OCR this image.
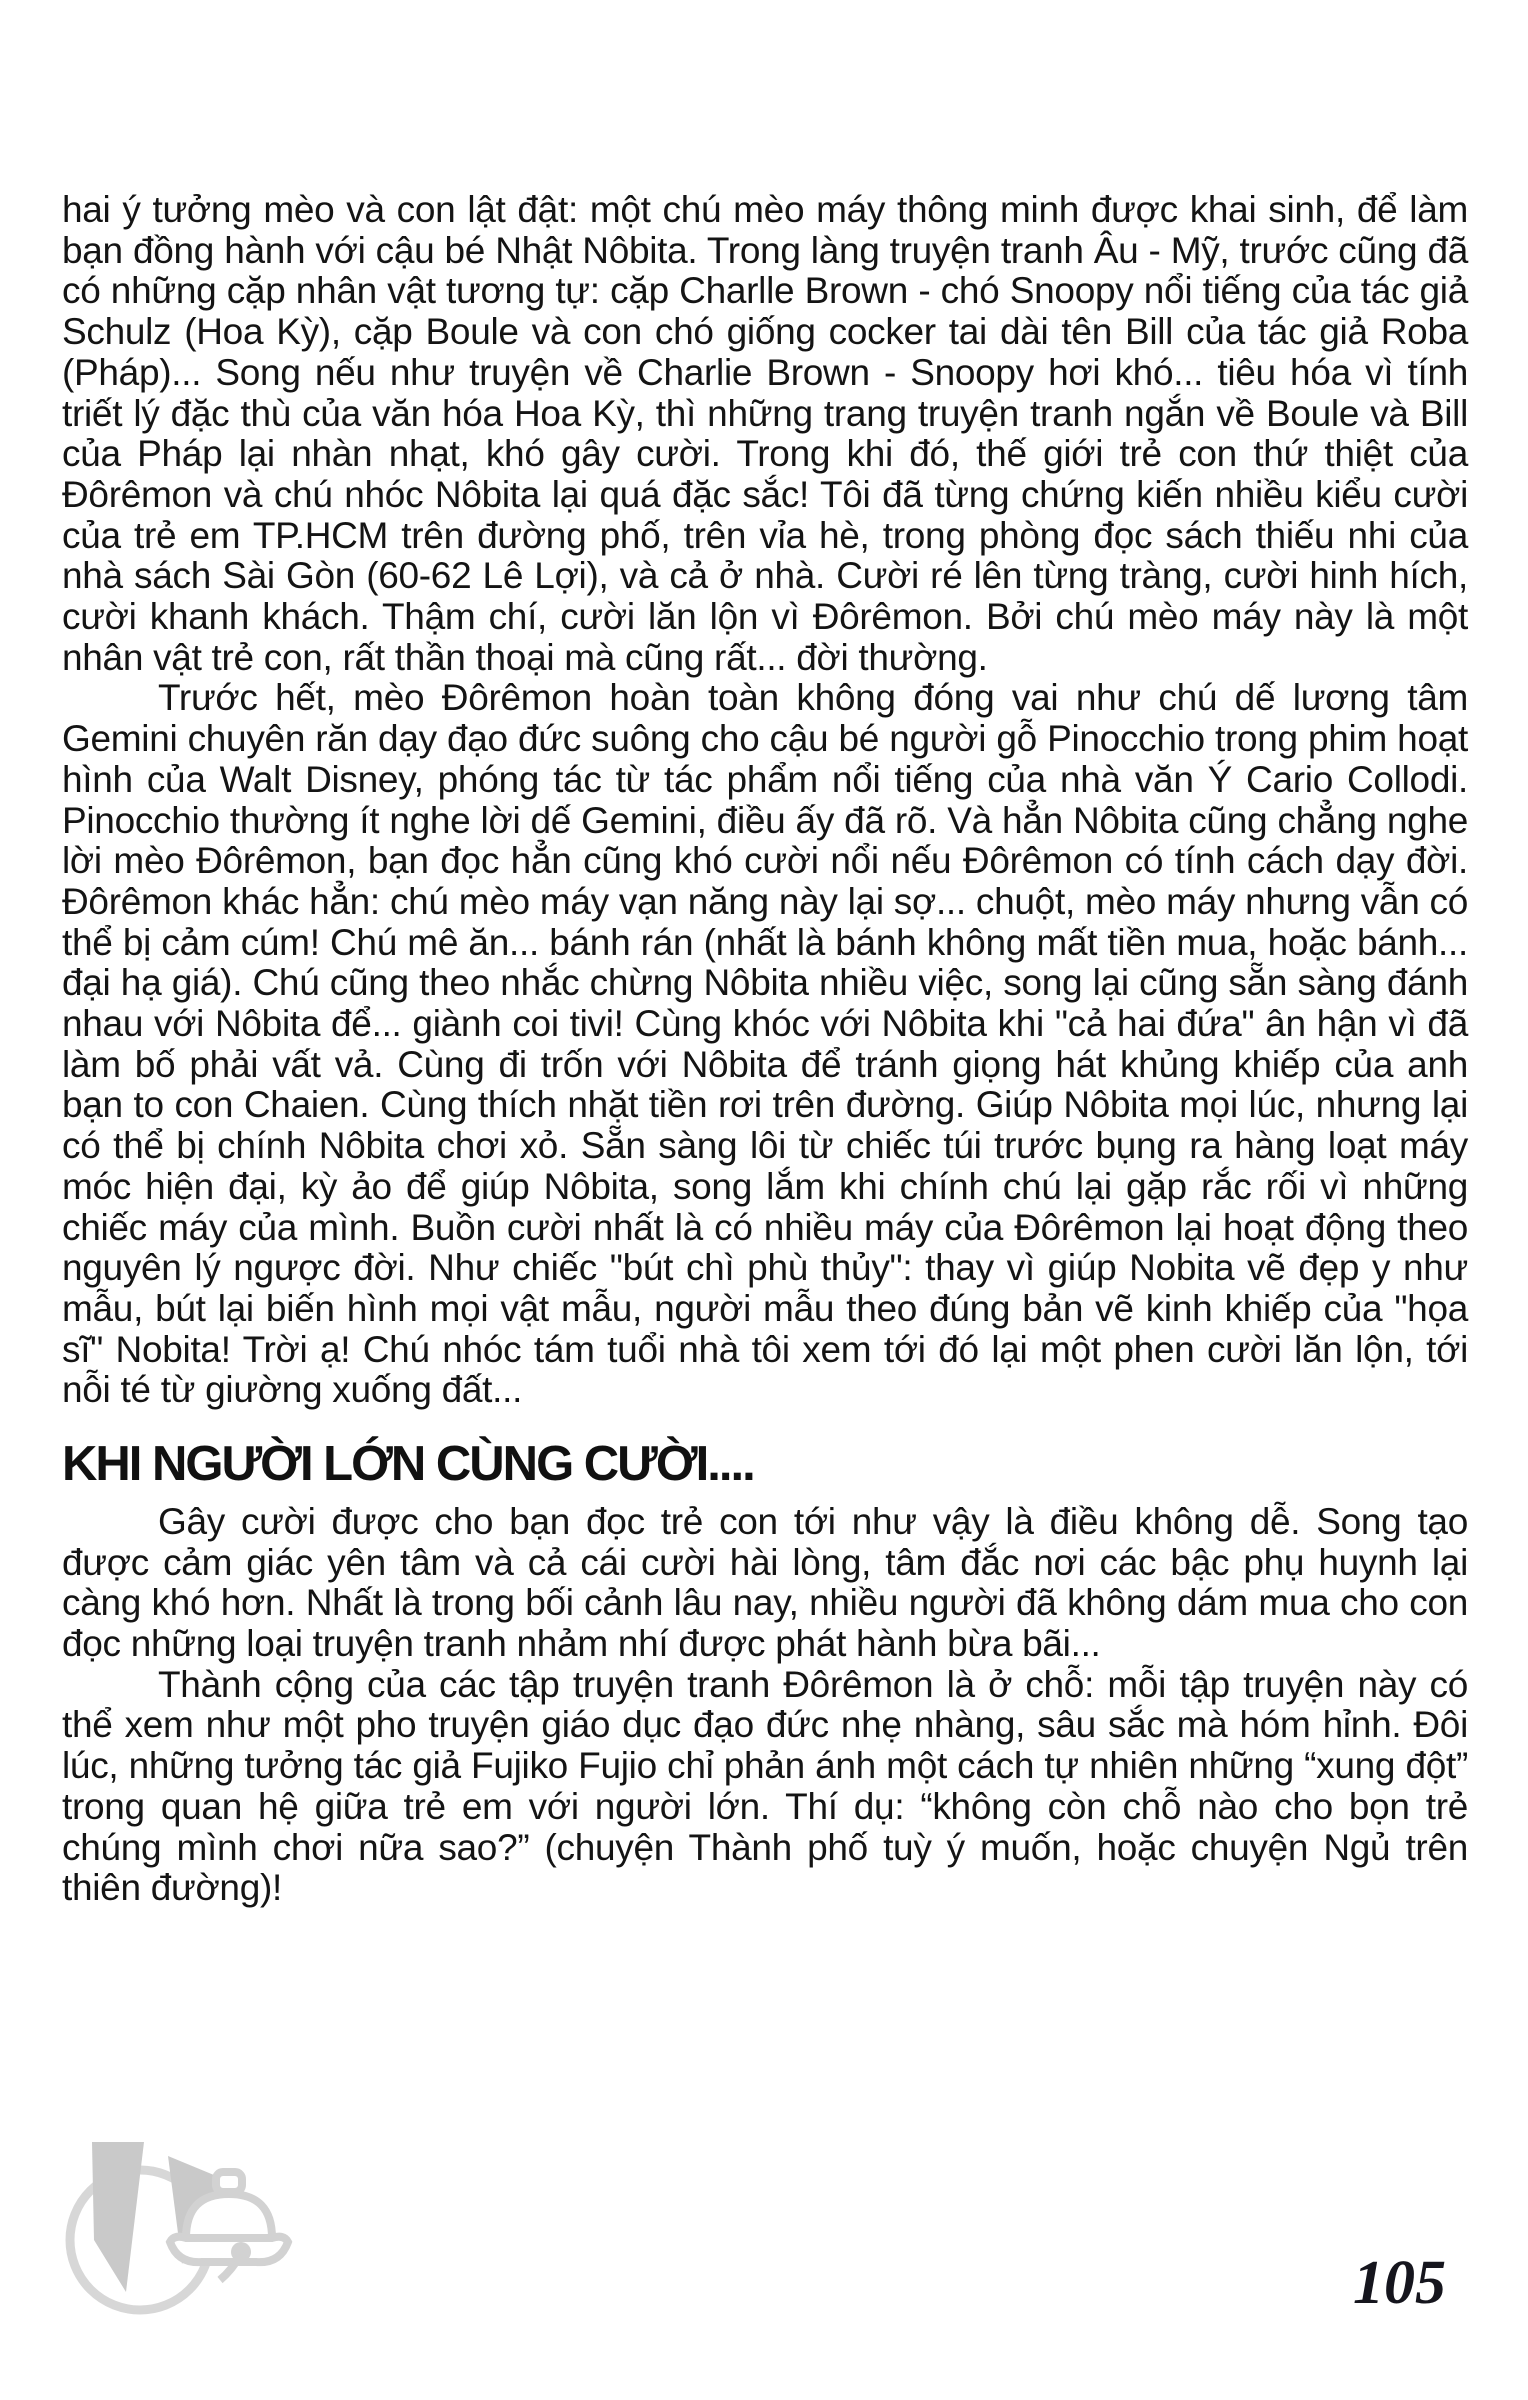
hai ý tưởng mèo và con lật đật: một chú mèo máy thông minh được khai sinh, để làm bạn đồng hành với cậu bé Nhật Nôbita. Trong làng truyện tranh Âu - Mỹ, trước cũng đã có những cặp nhân vật tương tự: cặp Charlle Brown - chó Snoopy nổi tiếng của tác giả Schulz (Hoa Kỳ), cặp Boule và con chó giống cocker tai dài tên Bill của tác giả Roba (Pháp)... Song nếu như truyện về Charlie Brown - Snoopy hơi khó... tiêu hóa vì tính triết lý đặc thù của văn hóa Hoa Kỳ, thì những trang truyện tranh ngắn về Boule và Bill của Pháp lại nhàn nhạt, khó gây cười. Trong khi đó, thế giới trẻ con thứ thiệt của Đôrêmon và chú nhóc Nôbita lại quá đặc sắc! Tôi đã từng chứng kiến nhiều kiểu cười của trẻ em TP.HCM trên đường phố, trên vỉa hè, trong phòng đọc sách thiếu nhi của nhà sách Sài Gòn (60-62 Lê Lợi), và cả ở nhà. Cười ré lên từng tràng, cười hinh hích, cười khanh khách. Thậm chí, cười lăn lộn vì Đôrêmon. Bởi chú mèo máy này là một nhân vật trẻ con, rất thần thoại mà cũng rất... đời thường.

Trước hết, mèo Đôrêmon hoàn toàn không đóng vai như chú dế lương tâm Gemini chuyên răn dạy đạo đức suông cho cậu bé người gỗ Pinocchio trong phim hoạt hình của Walt Disney, phóng tác từ tác phẩm nổi tiếng của nhà văn Ý Cario Collodi. Pinocchio thường ít nghe lời dế Gemini, điều ấy đã rõ. Và hẳn Nôbita cũng chẳng nghe lời mèo Đôrêmon, bạn đọc hẳn cũng khó cười nổi nếu Đôrêmon có tính cách dạy đời. Đôrêmon khác hẳn: chú mèo máy vạn năng này lại sợ... chuột, mèo máy nhưng vẫn có thể bị cảm cúm! Chú mê ăn... bánh rán (nhất là bánh không mất tiền mua, hoặc bánh... đại hạ giá). Chú cũng theo nhắc chừng Nôbita nhiều việc, song lại cũng sẵn sàng đánh nhau với Nôbita để... giành coi tivi! Cùng khóc với Nôbita khi "cả hai đứa" ân hận vì đã làm bố phải vất vả. Cùng đi trốn với Nôbita để tránh giọng hát khủng khiếp của anh bạn to con Chaien. Cùng thích nhặt tiền rơi trên đường. Giúp Nôbita mọi lúc, nhưng lại có thể bị chính Nôbita chơi xỏ. Sẵn sàng lôi từ chiếc túi trước bụng ra hàng loạt máy móc hiện đại, kỳ ảo để giúp Nôbita, song lắm khi chính chú lại gặp rắc rối vì những chiếc máy của mình. Buồn cười nhất là có nhiều máy của Đôrêmon lại hoạt động theo nguyên lý ngược đời. Như chiếc "bút chì phù thủy": thay vì giúp Nobita vẽ đẹp y như mẫu, bút lại biến hình mọi vật mẫu, người mẫu theo đúng bản vẽ kinh khiếp của "họa sĩ" Nobita! Trời ạ! Chú nhóc tám tuổi nhà tôi xem tới đó lại một phen cười lăn lộn, tới nỗi té từ giường xuống đất...

KHI NGƯỜI LỚN CÙNG CƯỜI....

Gây cười được cho bạn đọc trẻ con tới như vậy là điều không dễ. Song tạo được cảm giác yên tâm và cả cái cười hài lòng, tâm đắc nơi các bậc phụ huynh lại càng khó hơn. Nhất là trong bối cảnh lâu nay, nhiều người đã không dám mua cho con đọc những loại truyện tranh nhảm nhí được phát hành bừa bãi...

Thành cộng của các tập truyện tranh Đôrêmon là ở chỗ: mỗi tập truyện này có thể xem như một pho truyện giáo dục đạo đức nhẹ nhàng, sâu sắc mà hóm hỉnh. Đôi lúc, những tưởng tác giả Fujiko Fujio chỉ phản ánh một cách tự nhiên những “xung đột” trong quan hệ giữa trẻ em với người lớn. Thí dụ: “không còn chỗ nào cho bọn trẻ chúng mình chơi nữa sao?” (chuyện Thành phố tuỳ ý muốn, hoặc chuyện Ngủ trên thiên đường)!

105
